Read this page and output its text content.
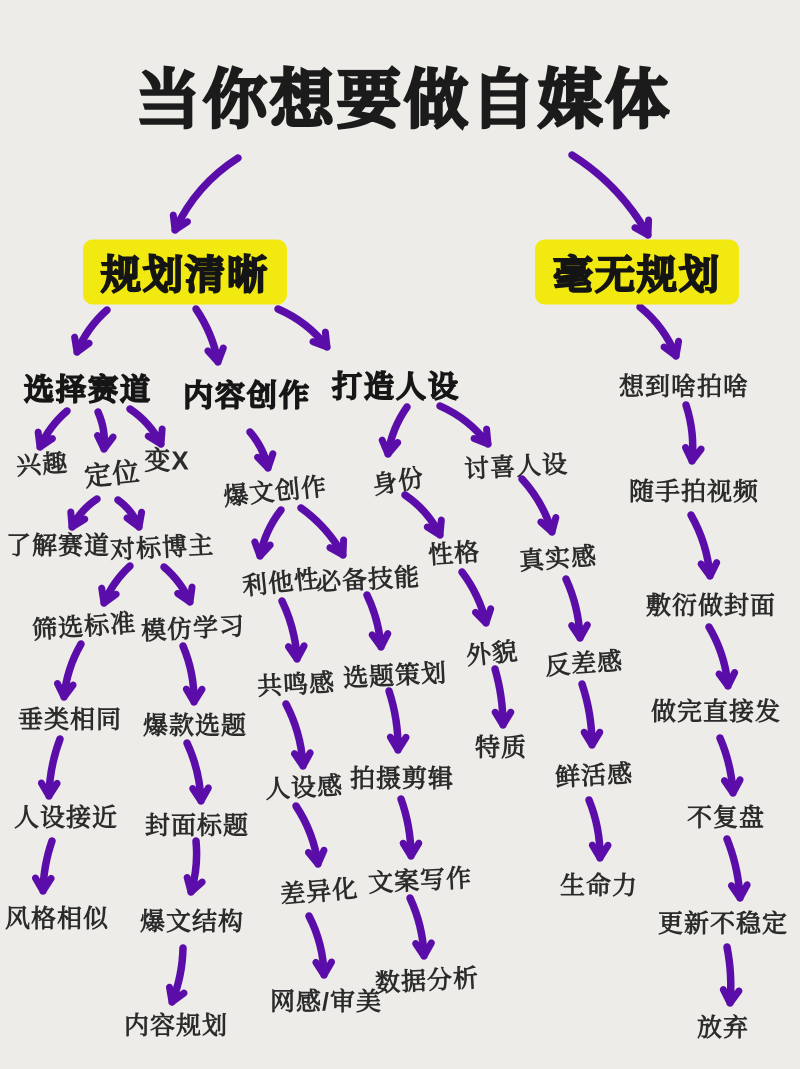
当你想要做自媒体
规划清晰	毫无规划
选择赛道 内容创作 打造人设
兴趣 定位 变X
了解赛道 对标博主
筛选标准 模仿学习
垂类相同 爆款选题
人设接近 封面标题
风格相似 爆文结构
内容规划
爆文创作
利他性
共鸣感
人设感
差异化
网感/审美
必备技能
选题策划
拍摄剪辑
文案写作
数据分析
身份
性格
外貌
特质
讨喜人设
真实感
反差感
鲜活感
生命力
想到啥拍啥
随手拍视频
敷衍做封面
做完直接发
不复盘
更新不稳定
放弃
